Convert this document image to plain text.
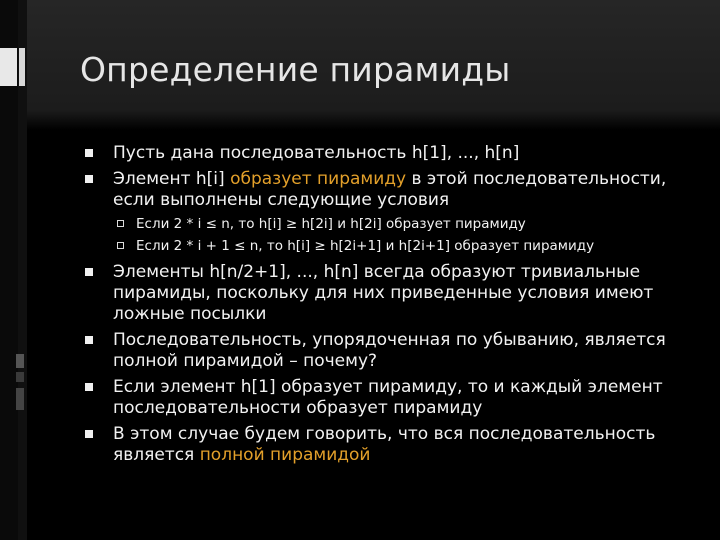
Определение пирамиды
Пусть дана последовательность h[1], ..., h[n]
Элемент h[i] образует пирамиду в этой последовательности, если выполнены следующие условия
Если 2 * i ≤ n, то h[i] ≥ h[2i] и h[2i] образует пирамиду
Если 2 * i + 1 ≤ n, то h[i] ≥ h[2i+1] и h[2i+1] образует пирамиду
Элементы h[n/2+1], ..., h[n] всегда образуют тривиальные пирамиды, поскольку для них приведенные условия имеют ложные посылки
Последовательность, упорядоченная по убыванию, является полной пирамидой – почему?
Если элемент h[1] образует пирамиду, то и каждый элемент последовательности образует пирамиду
В этом случае будем говорить, что вся последовательность является полной пирамидой
